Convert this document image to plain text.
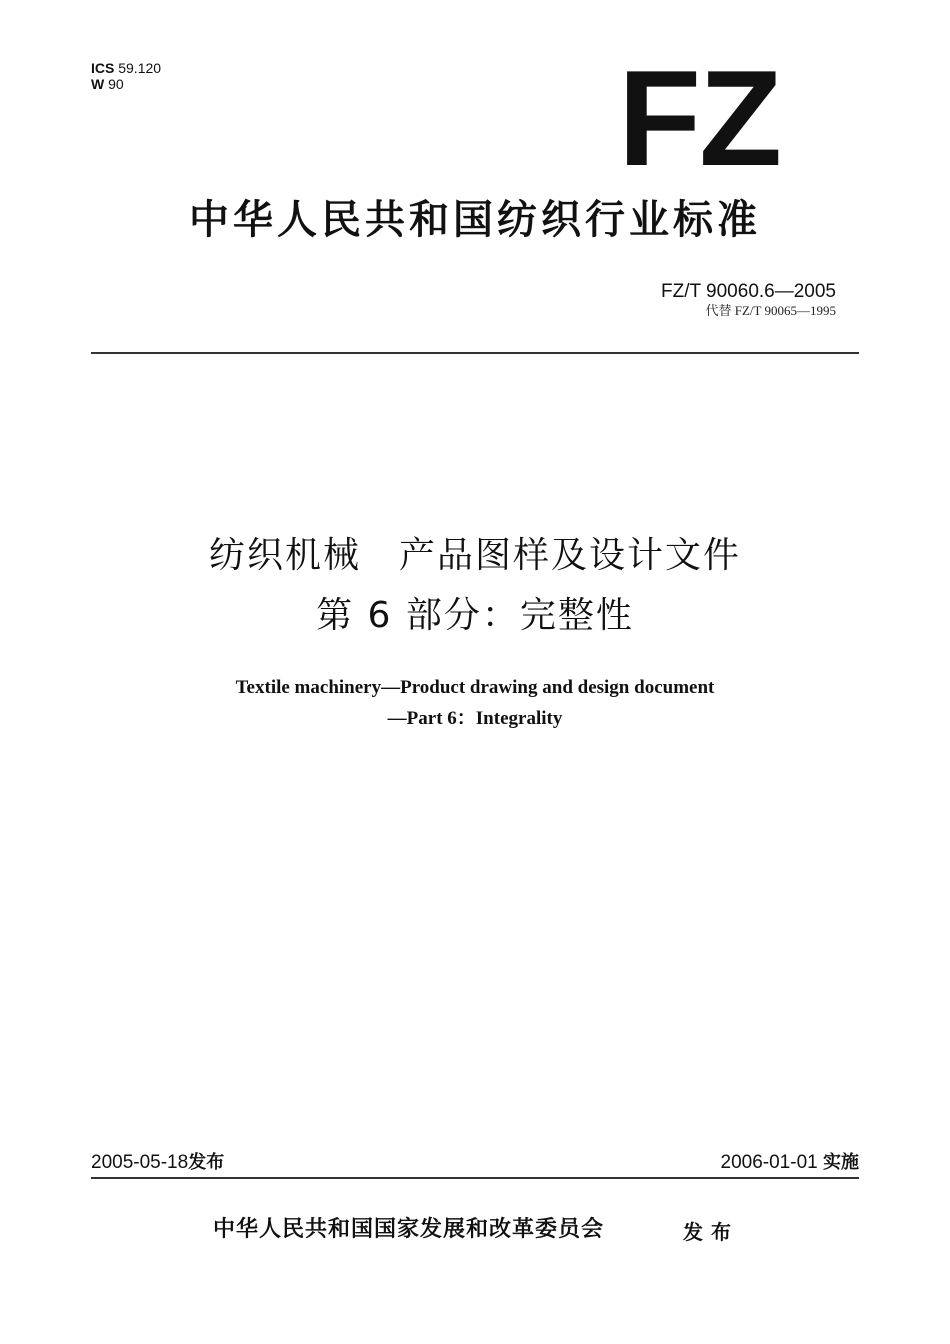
ICS 59.120
W 90	FZ
中华人民共和国纺织行业标准
FZ/T 90060.6—2005
代替 FZ/T 90065—1995
纺织机械　产品图样及设计文件
第 6 部分：完整性
Textile machinery—Product drawing and design document
—Part 6：Integrality
2005-05-18发布	2006-01-01 实施
中华人民共和国国家发展和改革委员会	发布
